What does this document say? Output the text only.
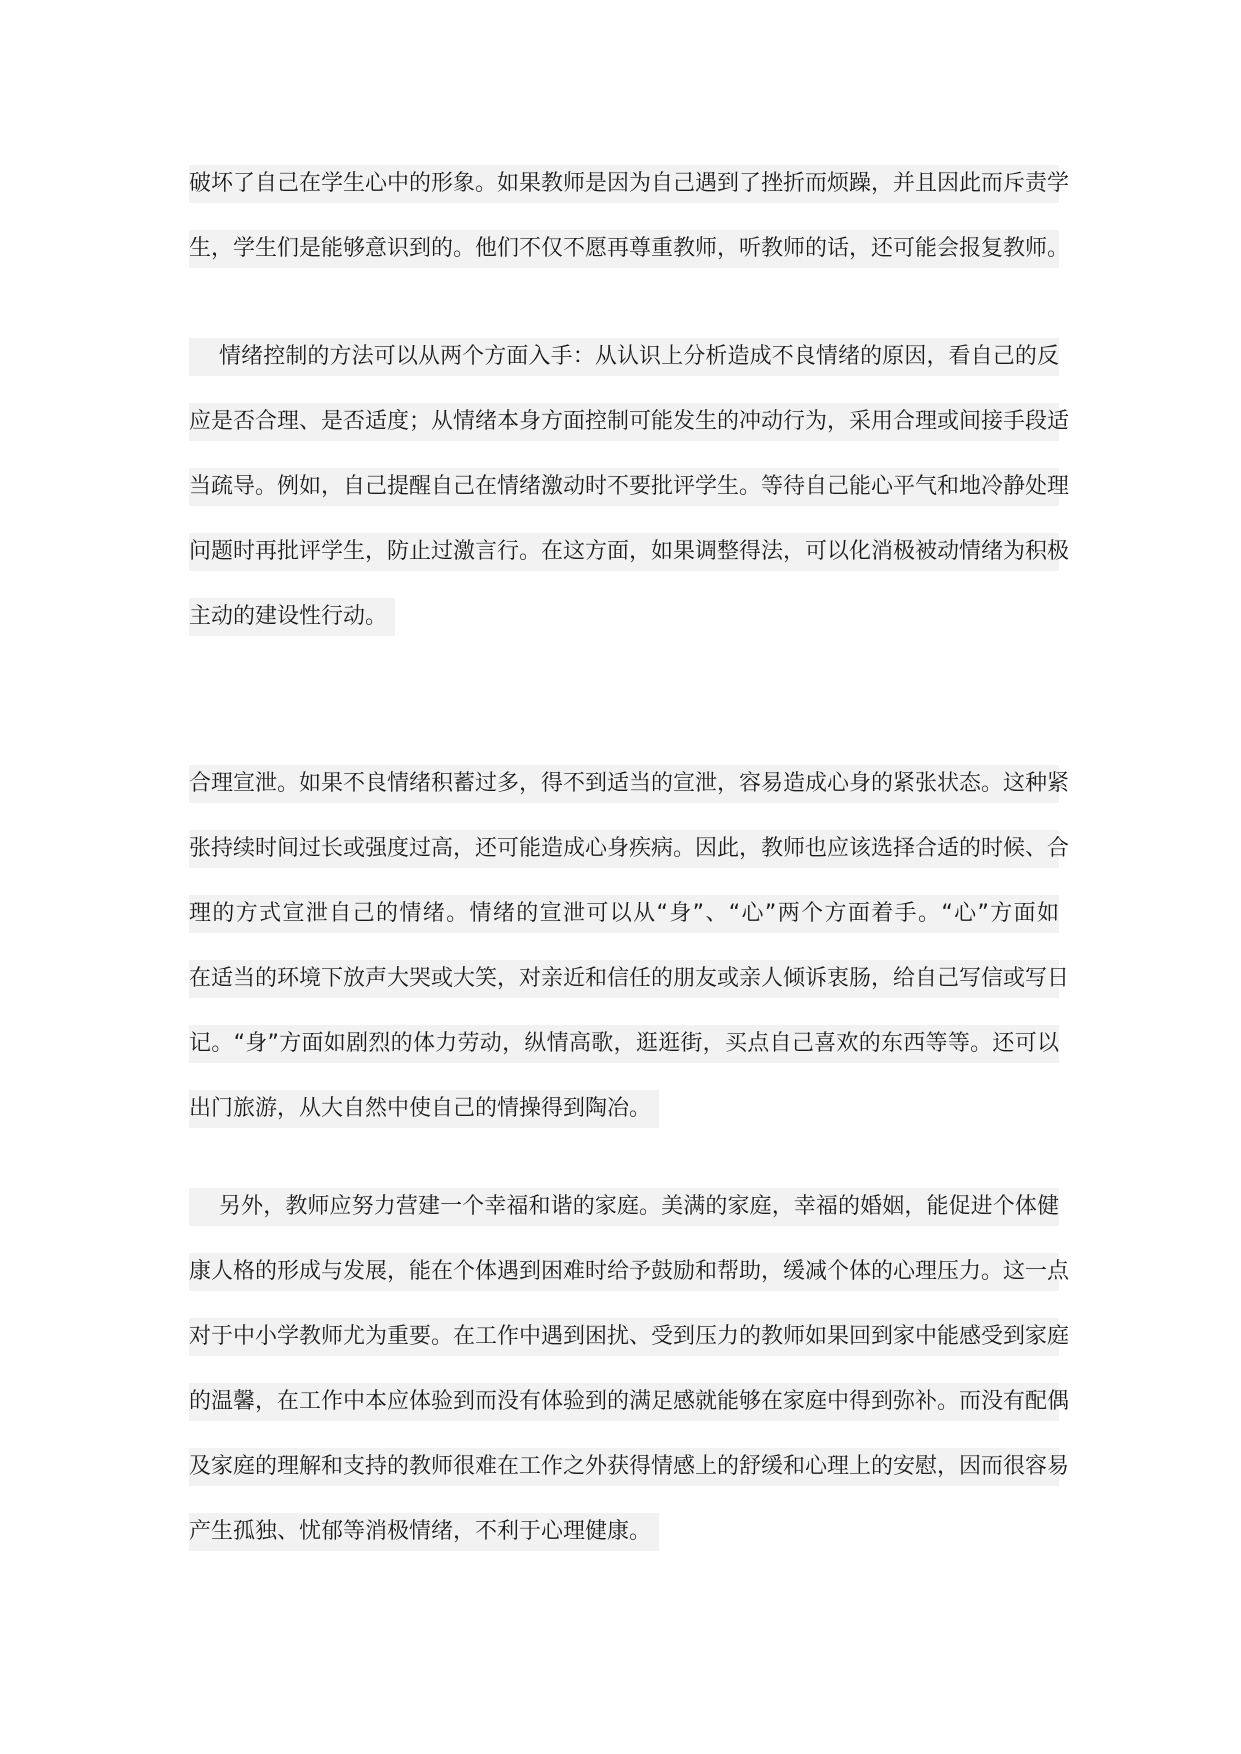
破坏了自己在学生心中的形象。如果教师是因为自己遇到了挫折而烦躁，并且因此而斥责学
生，学生们是能够意识到的。他们不仅不愿再尊重教师，听教师的话，还可能会报复教师。
情绪控制的方法可以从两个方面入手：从认识上分析造成不良情绪的原因，看自己的反
应是否合理、是否适度；从情绪本身方面控制可能发生的冲动行为，采用合理或间接手段适
当疏导。例如，自己提醒自己在情绪激动时不要批评学生。等待自己能心平气和地冷静处理
问题时再批评学生，防止过激言行。在这方面，如果调整得法，可以化消极被动情绪为积极
主动的建设性行动。
合理宣泄。如果不良情绪积蓄过多，得不到适当的宣泄，容易造成心身的紧张状态。这种紧
张持续时间过长或强度过高，还可能造成心身疾病。因此，教师也应该选择合适的时候、合
理的方式宣泄自己的情绪。情绪的宣泄可以从“身”、“心”两个方面着手。“心”方面如
在适当的环境下放声大哭或大笑，对亲近和信任的朋友或亲人倾诉衷肠，给自己写信或写日
记。“身”方面如剧烈的体力劳动，纵情高歌，逛逛街，买点自己喜欢的东西等等。还可以
出门旅游，从大自然中使自己的情操得到陶冶。
另外，教师应努力营建一个幸福和谐的家庭。美满的家庭，幸福的婚姻，能促进个体健
康人格的形成与发展，能在个体遇到困难时给予鼓励和帮助，缓减个体的心理压力。这一点
对于中小学教师尤为重要。在工作中遇到困扰、受到压力的教师如果回到家中能感受到家庭
的温馨，在工作中本应体验到而没有体验到的满足感就能够在家庭中得到弥补。而没有配偶
及家庭的理解和支持的教师很难在工作之外获得情感上的舒缓和心理上的安慰，因而很容易
产生孤独、忧郁等消极情绪，不利于心理健康。
